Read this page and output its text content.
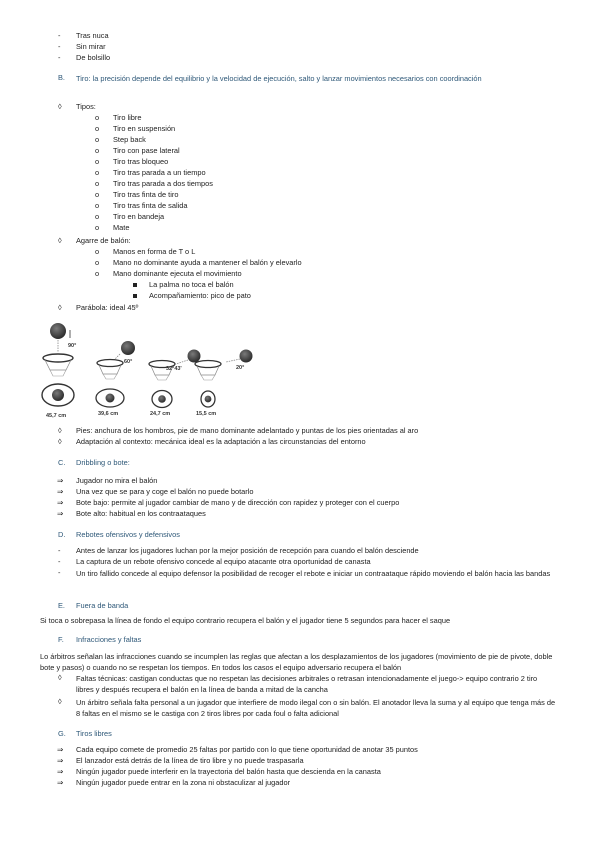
- Tras nuca
- Sin mirar
- De bolsillo
B. Tiro: la precisión depende del equilibrio y la velocidad de ejecución, salto y lanzar movimientos necesarios con coordinación
◊ Tipos:
o Tiro libre
o Tiro en suspensión
o Step back
o Tiro con pase lateral
o Tiro tras bloqueo
o Tiro tras parada a un tiempo
o Tiro tras parada a dos tiempos
o Tiro tras finta de tiro
o Tiro tras finta de salida
o Tiro en bandeja
o Mate
◊ Agarre de balón:
o Manos en forma de T o L
o Mano no dominante ayuda a mantener el balón y elevarlo
o Mano dominante ejecuta el movimiento
La palma no toca el balón
Acompañamiento: pico de pato
◊ Parábola: ideal 45º
90°
60°
32°43'	20°
45,7 cm	39,6 cm	24,7 cm	15,5 cm
◊ Pies: anchura de los hombros, pie de mano dominante adelantado y puntas de los pies orientadas al aro
◊ Adaptación al contexto: mecánica ideal es la adaptación a las circunstancias del entorno
C. Dribbling o bote:
⇒ Jugador no mira el balón
⇒ Una vez que se para y coge el balón no puede botarlo
⇒ Bote bajo: permite al jugador cambiar de mano y de dirección con rapidez y proteger con el cuerpo
⇒ Bote alto: habitual en los contraataques
D. Rebotes ofensivos y defensivos
- Antes de lanzar los jugadores luchan por la mejor posición de recepción para cuando el balón desciende
- La captura de un rebote ofensivo concede al equipo atacante otra oportunidad de canasta
- Un tiro fallido concede al equipo defensor la posibilidad de recoger el rebote e iniciar un contraataque rápido moviendo el balón hacia las bandas
E. Fuera de banda
Si toca o sobrepasa la línea de fondo el equipo contrario recupera el balón y el jugador tiene 5 segundos para hacer el saque
F. Infracciones y faltas
Lo árbitros señalan las infracciones cuando se incumplen las reglas que afectan a los desplazamientos de los jugadores (movimiento de pie de pivote, doble bote y pasos) o cuando no se respetan los tiempos. En todos los casos el equipo adversario recupera el balón
◊ Faltas técnicas: castigan conductas que no respetan las decisiones arbitrales o retrasan intencionadamente el juego-> equipo contrario 2 tiro libres y después recupera el balón en la línea de banda a mitad de la cancha
◊ Un árbitro señala falta personal a un jugador que interfiere de modo ilegal con o sin balón. El anotador lleva la suma y al equipo que tenga más de 8 faltas en el mismo se le castiga con 2 tiros libres por cada foul o falta adicional
G. Tiros libres
⇒ Cada equipo comete de promedio 25 faltas por partido con lo que tiene oportunidad de anotar 35 puntos
⇒ El lanzador está detrás de la línea de tiro libre y no puede traspasarla
⇒ Ningún jugador puede interferir en la trayectoria del balón hasta que descienda en la canasta
⇒ Ningún jugador puede entrar en la zona ni obstaculizar al jugador
